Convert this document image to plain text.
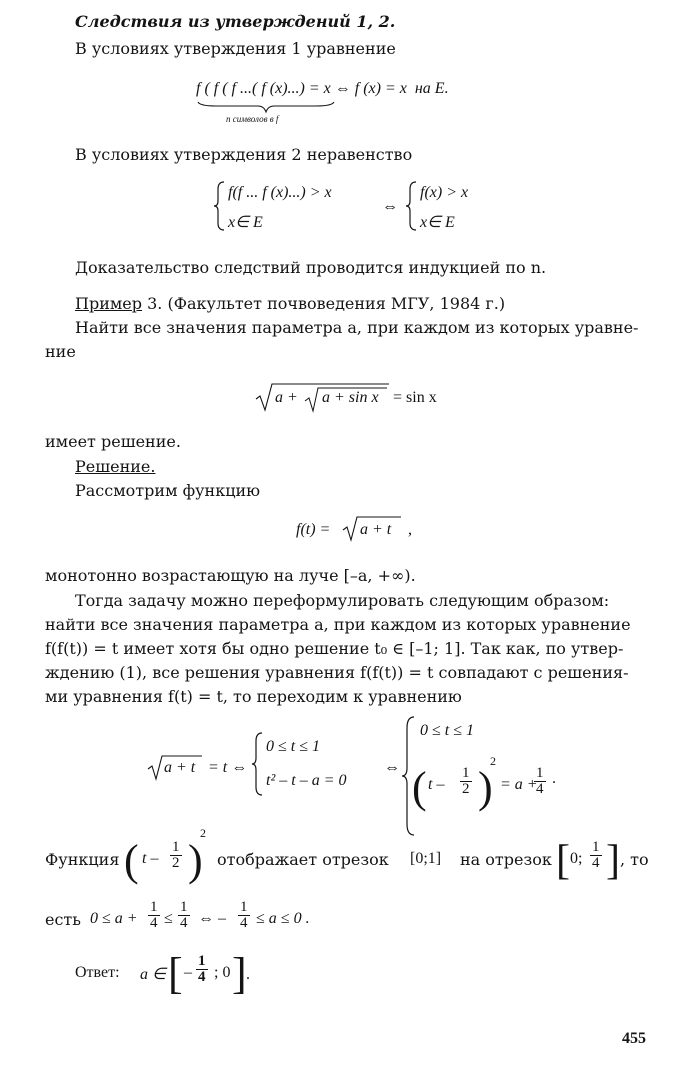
Следствия из утверждений 1, 2.
В условиях утверждения 1 уравнение
f ( f ( f ...( f (x)...) = x ⇔ f (x) = x на E.
n символов в f
В условиях утверждения 2 неравенство
f(f ... f (x)...) > x
x∈ E
⇔
f(x) > x
x∈ E
Доказательство следствий проводится индукцией по n.
Пример 3. (Факультет почвоведения МГУ, 1984 г.)
Найти все значения параметра a, при каждом из которых уравне-
ние
a + a + sin x = sin x
имеет решение.
Решение.
Рассмотрим функцию
f(t) = a + t ,
монотонно возрастающую на луче [–a, +∞).
Тогда задачу можно переформулировать следующим образом:
найти все значения параметра a, при каждом из которых уравнение
f(f(t)) = t имеет хотя бы одно решение t₀ ∈ [–1; 1]. Так как, по утвер-
ждению (1), все решения уравнения f(f(t)) = t совпадают с решения-
ми уравнения f(t) = t, то переходим к уравнению
a + t = t ⇔
0 ≤ t ≤ 1
t² – t – a = 0
⇔
0 ≤ t ≤ 1
( t – $\frac{1}{2}$ )
2
= a +
$\frac{1}{4}$ .
Функция ( t – $\frac{1}{2}$ )
2
отображает отрезок [0;1] на отрезок [ 0; $\frac{1}{4}$ ] , то
есть $0 \le a + \frac{1}{4} \le \frac{1}{4}$ ⇔ – $\frac{1}{4} \le a \le 0$ .
Ответ: a ∈ [ – $\frac{1}{4}$ ; 0 ] .
455
